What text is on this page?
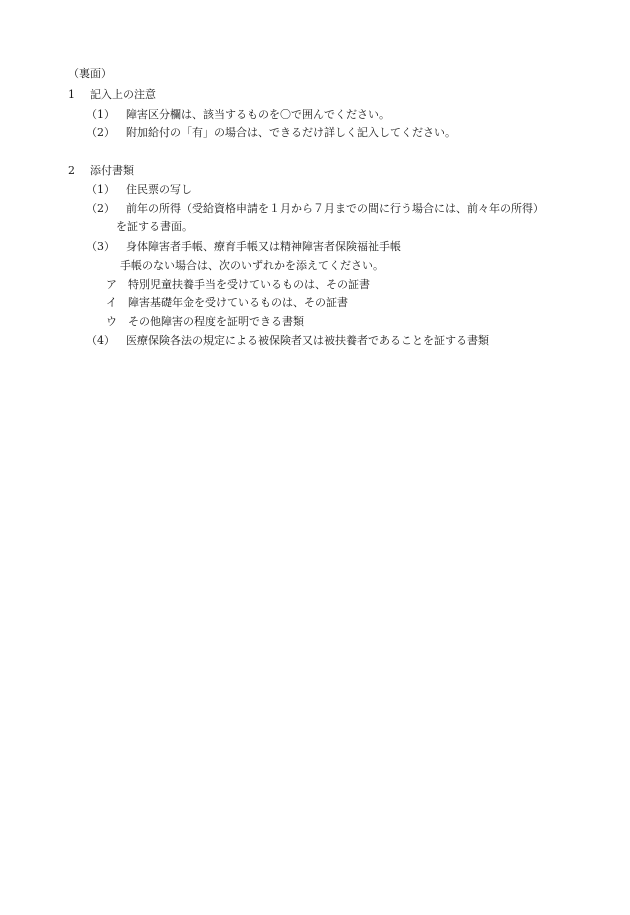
（裏面）
1 記入上の注意
（1） 障害区分欄は、該当するものを〇で囲んでください。
（2） 附加給付の「有」の場合は、できるだけ詳しく記入してください。
2 添付書類
（1） 住民票の写し
（2） 前年の所得（受給資格申請を１月から７月までの間に行う場合には、前々年の所得）
を証する書面。
（3） 身体障害者手帳、療育手帳又は精神障害者保険福祉手帳
手帳のない場合は、次のいずれかを添えてください。
ア 特別児童扶養手当を受けているものは、その証書
イ 障害基礎年金を受けているものは、その証書
ウ その他障害の程度を証明できる書類
（4） 医療保険各法の規定による被保険者又は被扶養者であることを証する書類
